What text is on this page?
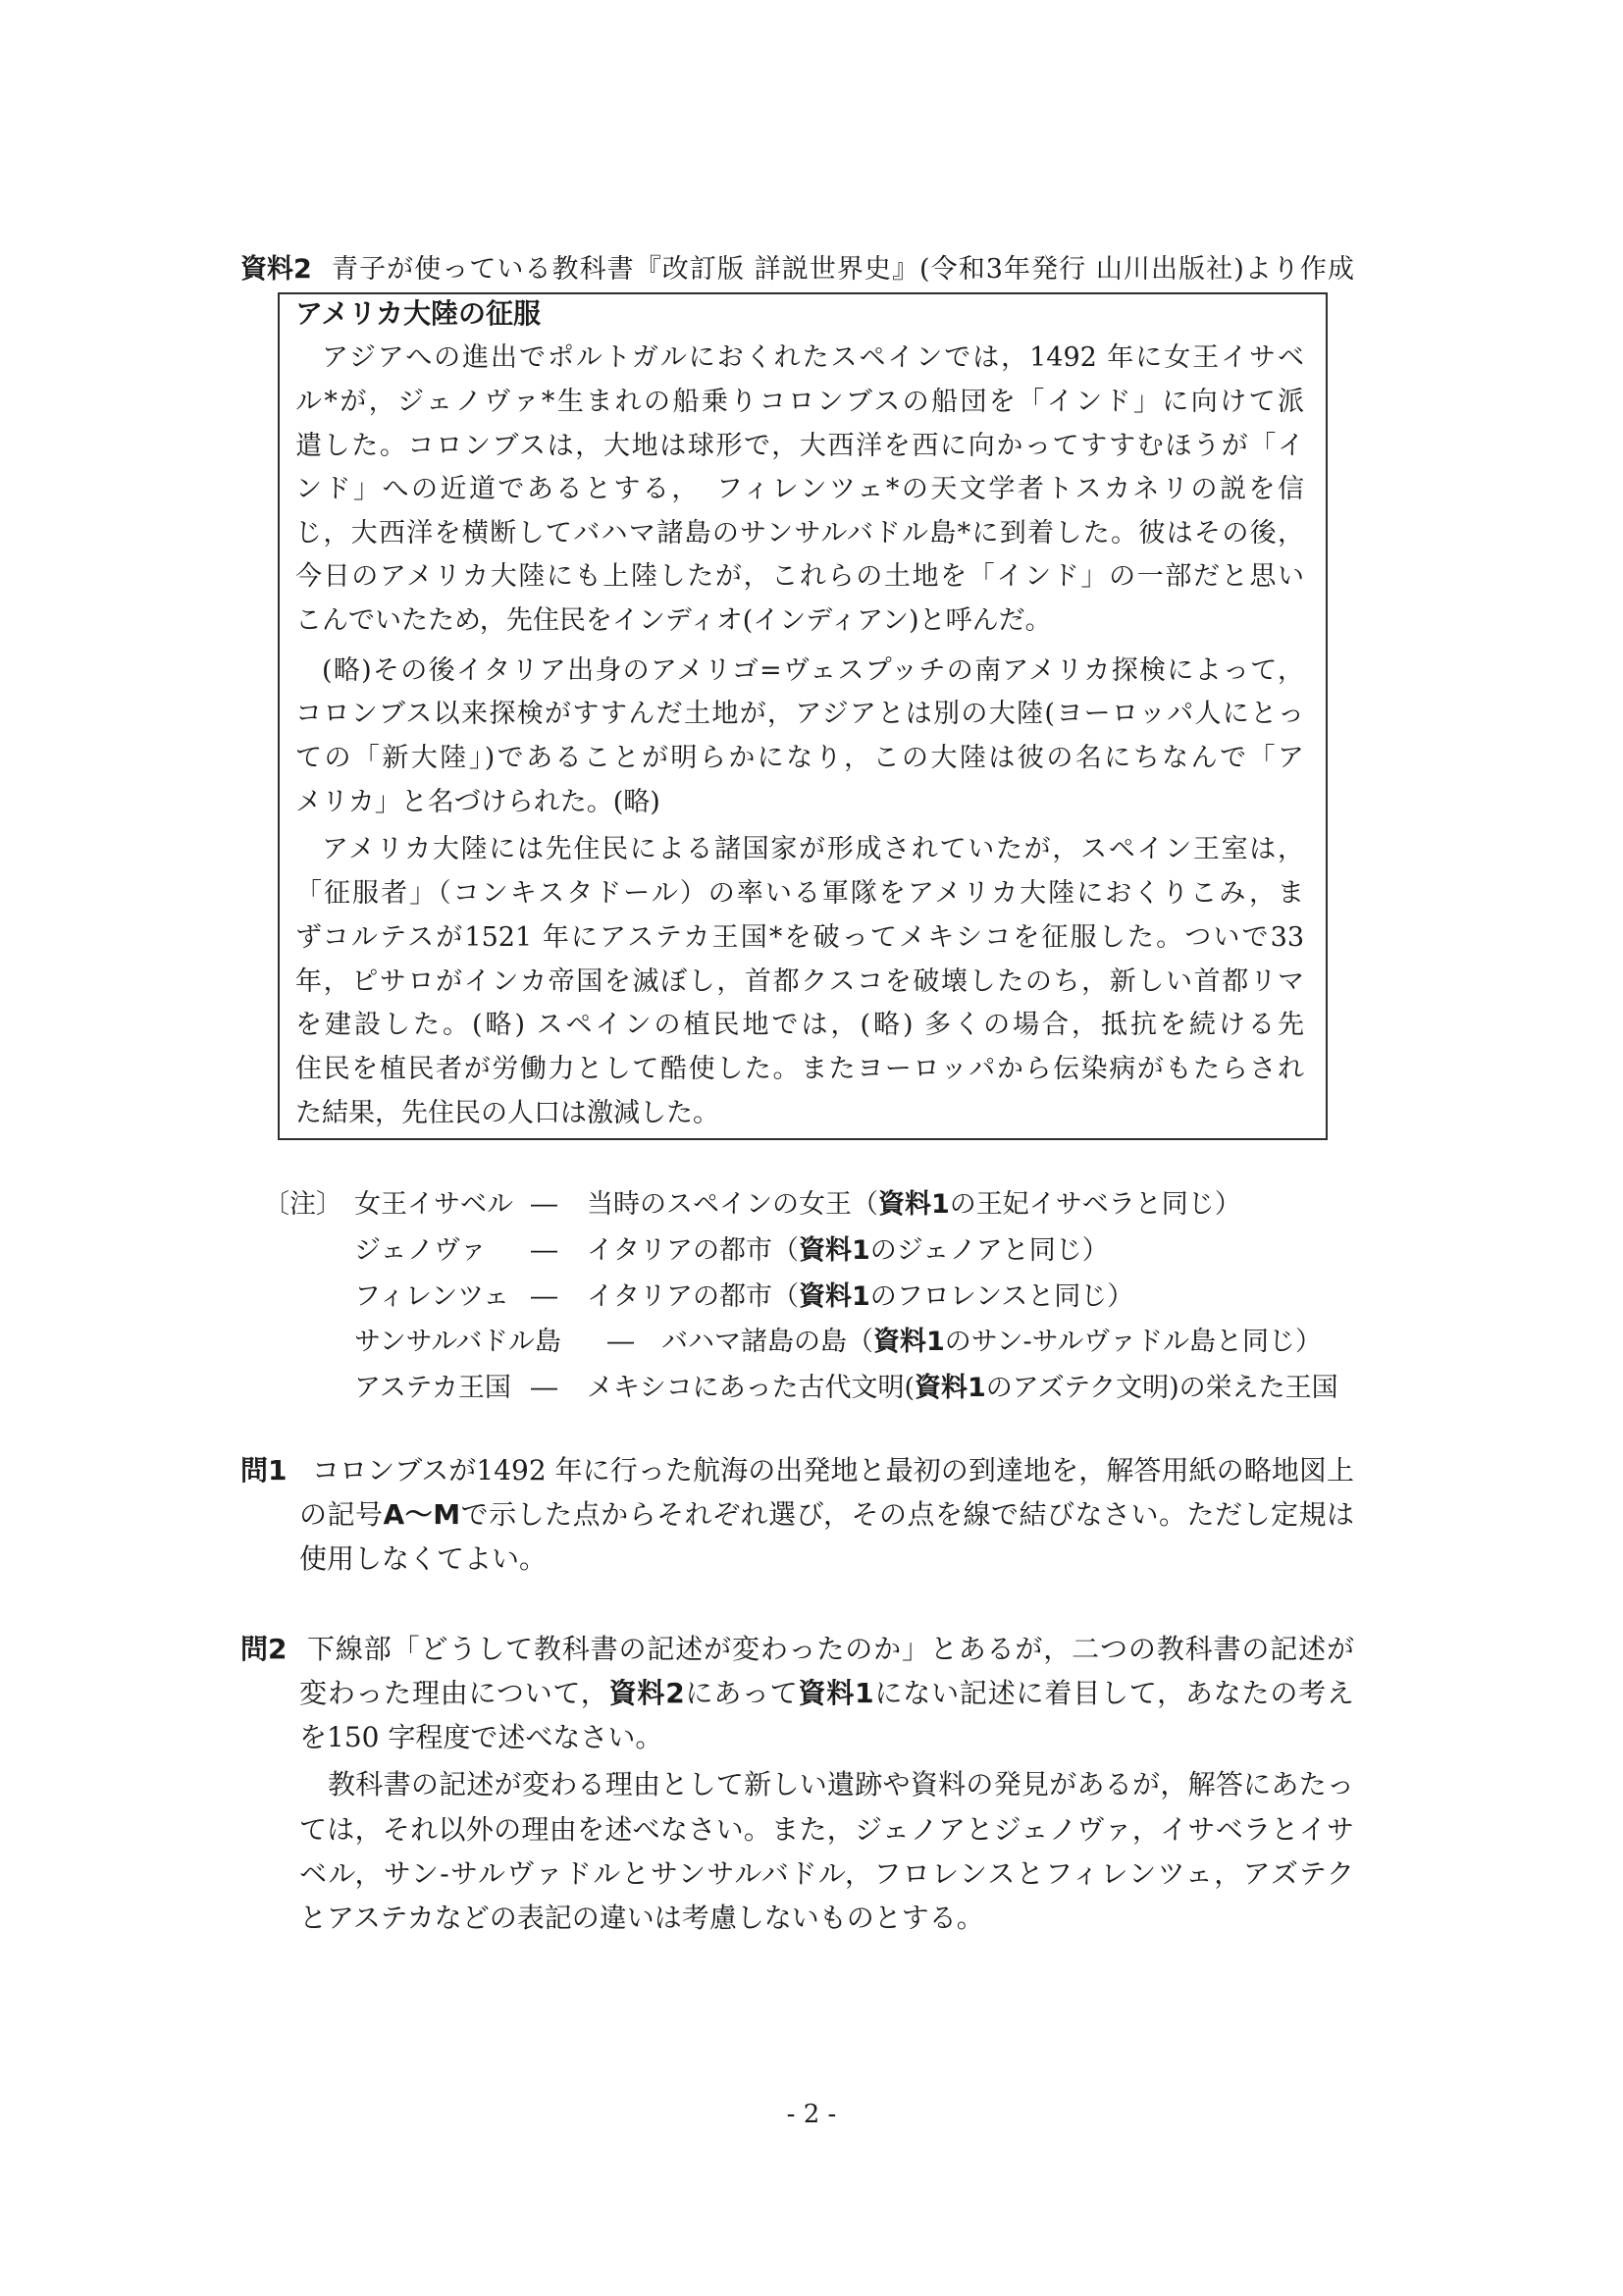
資料2 青子が使っている教科書『改訂版 詳説世界史』(令和3年発行 山川出版社)より作成
アメリカ大陸の征服
アジアへの進出でポルトガルにおくれたスペインでは，1492 年に女王イサベ
ル*が，ジェノヴァ*生まれの船乗りコロンブスの船団を「インド」に向けて派
遣した。コロンブスは，大地は球形で，大西洋を西に向かってすすむほうが「イ
ンド」への近道であるとする，　フィレンツェ*の天文学者トスカネリの説を信
じ，大西洋を横断してバハマ諸島のサンサルバドル島*に到着した。彼はその後，
今日のアメリカ大陸にも上陸したが，これらの土地を「インド」の一部だと思い
こんでいたため，先住民をインディオ(インディアン)と呼んだ。
(略)その後イタリア出身のアメリゴ=ヴェスプッチの南アメリカ探検によって，
コロンブス以来探検がすすんだ土地が，アジアとは別の大陸(ヨーロッパ人にとっ
ての「新大陸」)であることが明らかになり，この大陸は彼の名にちなんで「ア
メリカ」と名づけられた。(略)
アメリカ大陸には先住民による諸国家が形成されていたが，スペイン王室は，
「征服者」（コンキスタドール）の率いる軍隊をアメリカ大陸におくりこみ，ま
ずコルテスが1521 年にアステカ王国*を破ってメキシコを征服した。ついで33
年，ピサロがインカ帝国を滅ぼし，首都クスコを破壊したのち，新しい首都リマ
を建設した。(略) スペインの植民地では，(略) 多くの場合，抵抗を続ける先
住民を植民者が労働力として酷使した。またヨーロッパから伝染病がもたらされ
た結果，先住民の人口は激減した。
〔注〕 女王イサベル ― 当時のスペインの女王（資料1の王妃イサベラと同じ）
ジェノヴァ ― イタリアの都市（資料1のジェノアと同じ）
フィレンツェ ― イタリアの都市（資料1のフロレンスと同じ）
サンサルバドル島 ― バハマ諸島の島（資料1のサン-サルヴァドル島と同じ）
アステカ王国 ― メキシコにあった古代文明(資料1のアズテク文明)の栄えた王国
問1 コロンブスが1492 年に行った航海の出発地と最初の到達地を，解答用紙の略地図上
の記号A～Mで示した点からそれぞれ選び，その点を線で結びなさい。ただし定規は
使用しなくてよい。
問2 下線部「どうして教科書の記述が変わったのか」とあるが，二つの教科書の記述が
変わった理由について，資料2にあって資料1にない記述に着目して，あなたの考え
を150 字程度で述べなさい。
教科書の記述が変わる理由として新しい遺跡や資料の発見があるが，解答にあたっ
ては，それ以外の理由を述べなさい。また，ジェノアとジェノヴァ，イサベラとイサ
ベル，サン-サルヴァドルとサンサルバドル，フロレンスとフィレンツェ，アズテク
とアステカなどの表記の違いは考慮しないものとする。
- 2 -
